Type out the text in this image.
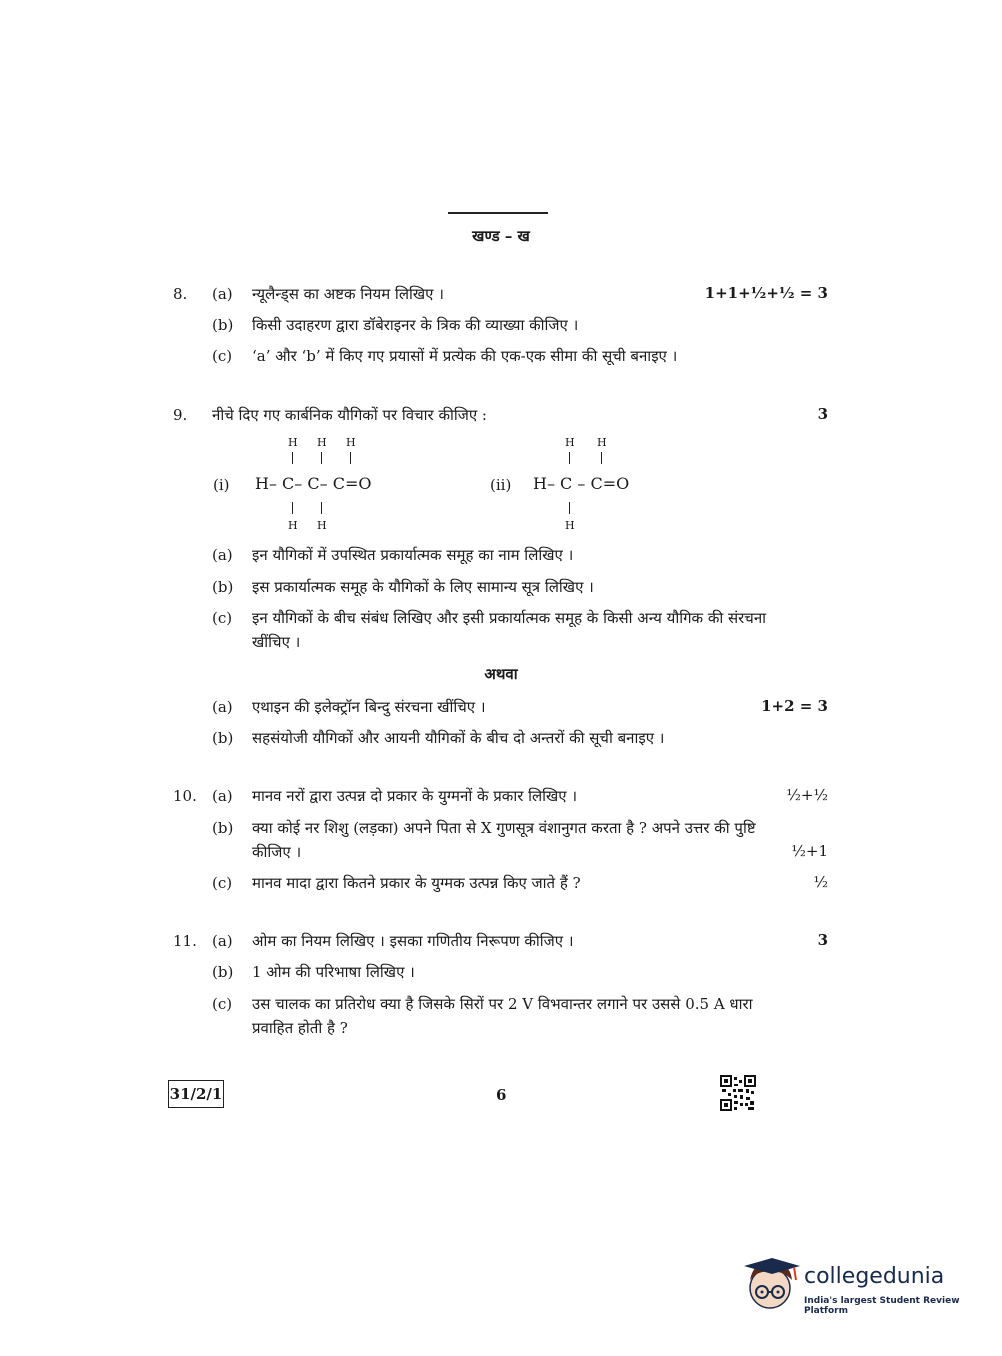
खण्ड – ख
8. (a) न्यूलैन्ड्स का अष्टक नियम लिखिए ।	1+1+½+½ = 3
(b) किसी उदाहरण द्वारा डॉबेराइनर के त्रिक की व्याख्या कीजिए ।
(c) ‘a’ और ‘b’ में किए गए प्रयासों में प्रत्येक की एक-एक सीमा की सूची बनाइए ।
9. नीचे दिए गए कार्बनिक यौगिकों पर विचार कीजिए :	3
H H H
(i) H– C– C– C=O
H H
H H
(ii) H– C – C=O
H
(a) इन यौगिकों में उपस्थित प्रकार्यात्मक समूह का नाम लिखिए ।
(b) इस प्रकार्यात्मक समूह के यौगिकों के लिए सामान्य सूत्र लिखिए ।
(c) इन यौगिकों के बीच संबंध लिखिए और इसी प्रकार्यात्मक समूह के किसी अन्य यौगिक की संरचना
खींचिए ।
अथवा
(a) एथाइन की इलेक्ट्रॉन बिन्दु संरचना खींचिए ।	1+2 = 3
(b) सहसंयोजी यौगिकों और आयनी यौगिकों के बीच दो अन्तरों की सूची बनाइए ।
10. (a) मानव नरों द्वारा उत्पन्न दो प्रकार के युग्मनों के प्रकार लिखिए ।	½+½
(b) क्या कोई नर शिशु (लड़का) अपने पिता से X गुणसूत्र वंशानुगत करता है ? अपने उत्तर की पुष्टि
कीजिए ।	½+1
(c) मानव मादा द्वारा कितने प्रकार के युग्मक उत्पन्न किए जाते हैं ?	½
11. (a) ओम का नियम लिखिए । इसका गणितीय निरूपण कीजिए ।	3
(b) 1 ओम की परिभाषा लिखिए ।
(c) उस चालक का प्रतिरोध क्या है जिसके सिरों पर 2 V विभवान्तर लगाने पर उससे 0.5 A धारा
प्रवाहित होती है ?
31/2/1	6
collegedunia
India's largest Student Review Platform
